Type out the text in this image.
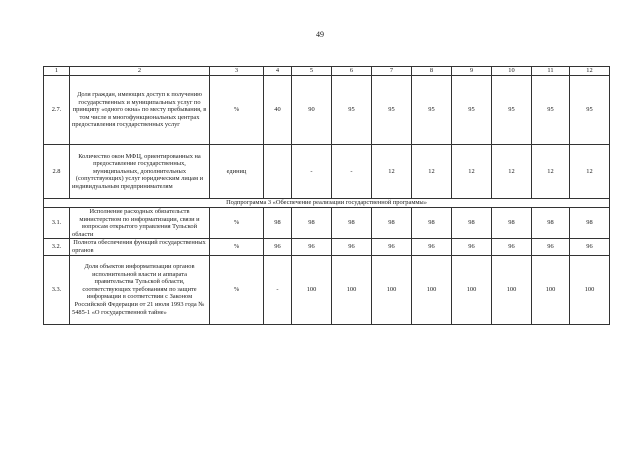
49
1	2	3	4	5	6	7	8	9	10	11	12
2.7.	Доля граждан, имеющих доступ к получению государственных и муниципальных услуг по принципу «одного окна» по месту пребывания, в том числе в многофункциональных центрах предоставления государственных услуг	%	40	90	95	95	95	95	95	95	95
2.8	Количество окон МФЦ, ориентированных на предоставление государственных, муниципальных, дополнительных (сопутствующих) услуг юридическим лицам и индивидуальным предпринимателям	единиц		-	-	12	12	12	12	12	12
Подпрограмма 3 «Обеспечение реализации государственной программы»											
3.1.	Исполнение расходных обязательств министерством по информатизации, связи и вопросам открытого управления Тульской области	%	98	98	98	98	98	98	98	98	98
3.2.	Полнота обеспечения функций государственных органов	%	96	96	96	96	96	96	96	96	96
3.3.	Доля объектов информатизации органов исполнительной власти и аппарата правительства Тульской области, соответствующих требованиям по защите информации в соответствии с Законом Российской Федерации от 21 июля 1993 года № 5485-1 «О государственной тайне»	%	-	100	100	100	100	100	100	100	100
